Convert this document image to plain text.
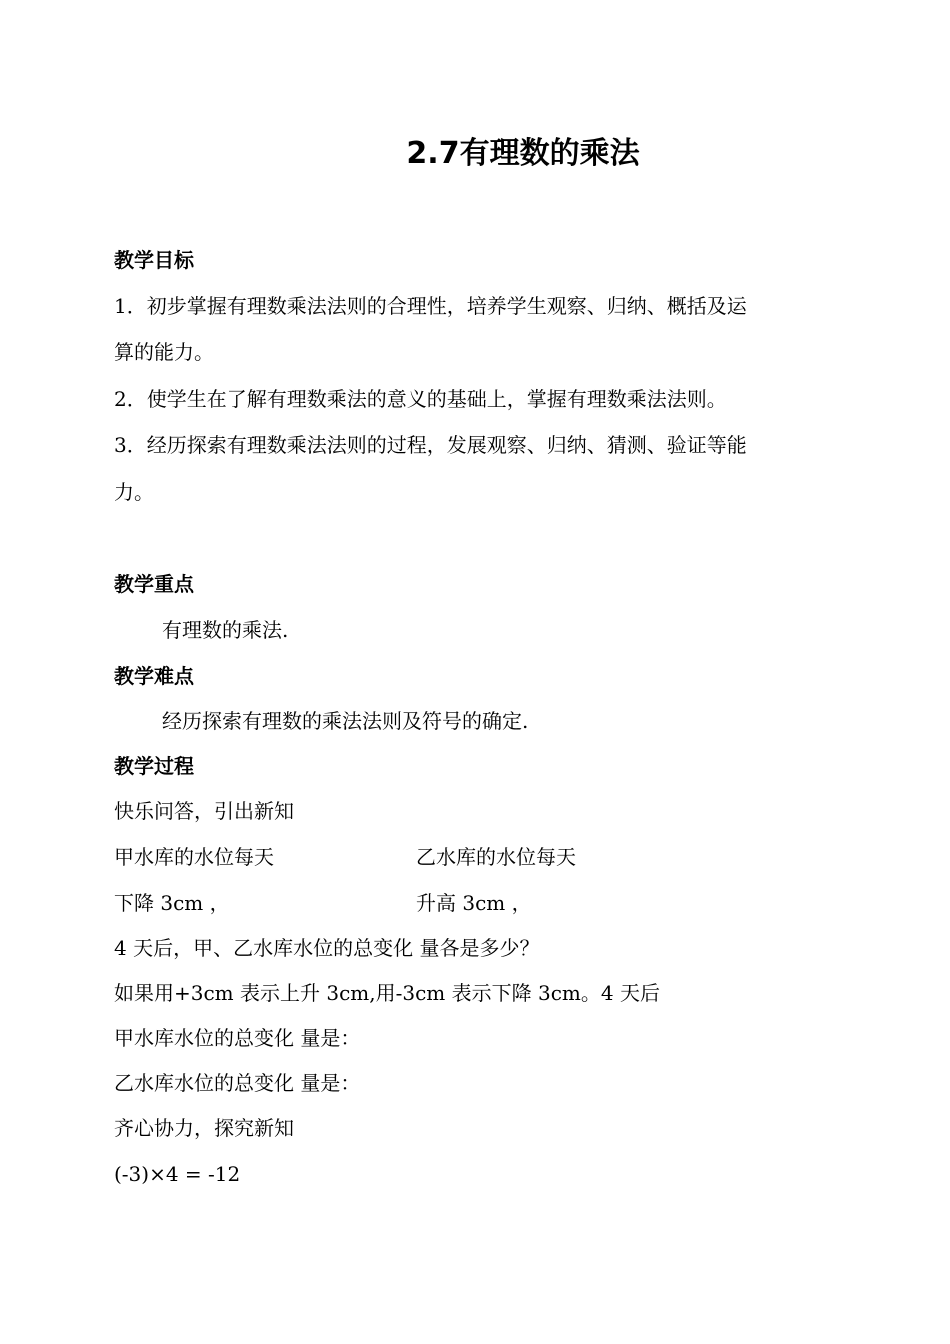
2.7有理数的乘法
教学目标
1．初步掌握有理数乘法法则的合理性，培养学生观察、归纳、概括及运
算的能力。
2．使学生在了解有理数乘法的意义的基础上，掌握有理数乘法法则。
3．经历探索有理数乘法法则的过程，发展观察、归纳、猜测、验证等能
力。
教学重点
有理数的乘法.
教学难点
经历探索有理数的乘法法则及符号的确定.
教学过程
快乐问答，引出新知
甲水库的水位每天	乙水库的水位每天
下降 3cm ，	升高 3cm ，
4 天后，甲、乙水库水位的总变化 量各是多少？
如果用+3cm 表示上升 3cm,用-3cm 表示下降 3cm。4 天后
甲水库水位的总变化 量是：
乙水库水位的总变化 量是：
齐心协力，探究新知
(-3)×4 = -12
